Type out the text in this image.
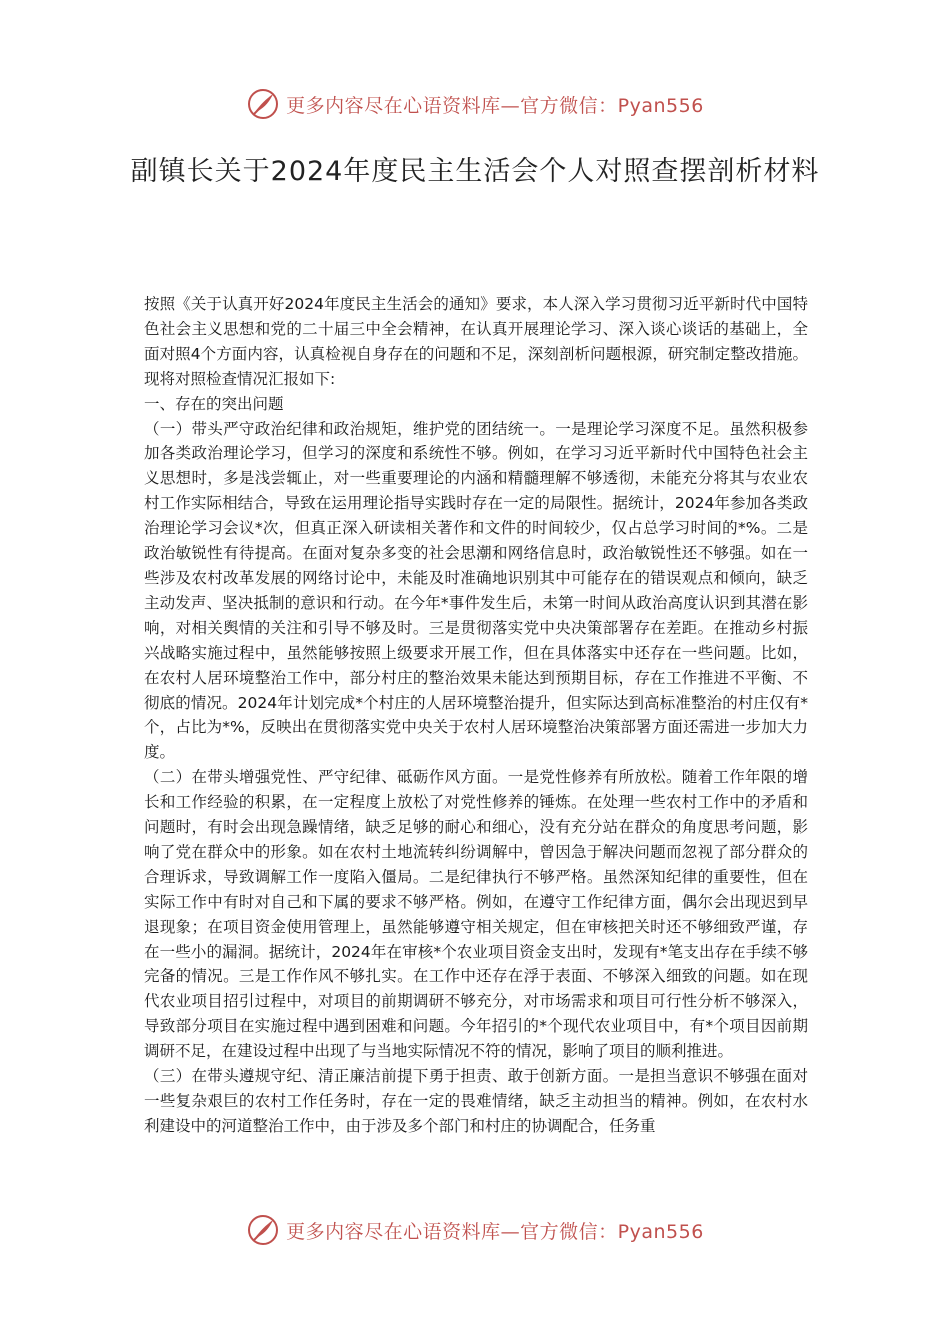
更多内容尽在心语资料库—官方微信：Pyan556
副镇长关于2024年度民主生活会个人对照查摆剖析材料

按照《关于认真开好2024年度民主生活会的通知》要求，本人深入学习贯彻习近平新时代中国特色社会主义思想和党的二十届三中全会精神，在认真开展理论学习、深入谈心谈话的基础上，全面对照4个方面内容，认真检视自身存在的问题和不足，深刻剖析问题根源，研究制定整改措施。现将对照检查情况汇报如下:

一、存在的突出问题

（一）带头严守政治纪律和政治规矩，维护党的团结统一。一是理论学习深度不足。虽然积极参加各类政治理论学习，但学习的深度和系统性不够。例如，在学习习近平新时代中国特色社会主义思想时，多是浅尝辄止，对一些重要理论的内涵和精髓理解不够透彻，未能充分将其与农业农村工作实际相结合，导致在运用理论指导实践时存在一定的局限性。据统计，2024年参加各类政治理论学习会议*次，但真正深入研读相关著作和文件的时间较少，仅占总学习时间的*%。二是政治敏锐性有待提高。在面对复杂多变的社会思潮和网络信息时，政治敏锐性还不够强。如在一些涉及农村改革发展的网络讨论中，未能及时准确地识别其中可能存在的错误观点和倾向，缺乏主动发声、坚决抵制的意识和行动。在今年*事件发生后，未第一时间从政治高度认识到其潜在影响，对相关舆情的关注和引导不够及时。三是贯彻落实党中央决策部署存在差距。在推动乡村振兴战略实施过程中，虽然能够按照上级要求开展工作，但在具体落实中还存在一些问题。比如，在农村人居环境整治工作中，部分村庄的整治效果未能达到预期目标，存在工作推进不平衡、不彻底的情况。2024年计划完成*个村庄的人居环境整治提升，但实际达到高标准整治的村庄仅有*个，占比为*%，反映出在贯彻落实党中央关于农村人居环境整治决策部署方面还需进一步加大力度。

（二）在带头增强党性、严守纪律、砥砺作风方面。一是党性修养有所放松。随着工作年限的增长和工作经验的积累，在一定程度上放松了对党性修养的锤炼。在处理一些农村工作中的矛盾和问题时，有时会出现急躁情绪，缺乏足够的耐心和细心，没有充分站在群众的角度思考问题，影响了党在群众中的形象。如在农村土地流转纠纷调解中，曾因急于解决问题而忽视了部分群众的合理诉求，导致调解工作一度陷入僵局。二是纪律执行不够严格。虽然深知纪律的重要性，但在实际工作中有时对自己和下属的要求不够严格。例如，在遵守工作纪律方面，偶尔会出现迟到早退现象；在项目资金使用管理上，虽然能够遵守相关规定，但在审核把关时还不够细致严谨，存在一些小的漏洞。据统计，2024年在审核*个农业项目资金支出时，发现有*笔支出存在手续不够完备的情况。三是工作作风不够扎实。在工作中还存在浮于表面、不够深入细致的问题。如在现代农业项目招引过程中，对项目的前期调研不够充分，对市场需求和项目可行性分析不够深入，导致部分项目在实施过程中遇到困难和问题。今年招引的*个现代农业项目中，有*个项目因前期调研不足，在建设过程中出现了与当地实际情况不符的情况，影响了项目的顺利推进。

（三）在带头遵规守纪、清正廉洁前提下勇于担责、敢于创新方面。一是担当意识不够强在面对一些复杂艰巨的农村工作任务时，存在一定的畏难情绪，缺乏主动担当的精神。例如，在农村水利建设中的河道整治工作中，由于涉及多个部门和村庄的协调配合，任务重

更多内容尽在心语资料库—官方微信：Pyan556
